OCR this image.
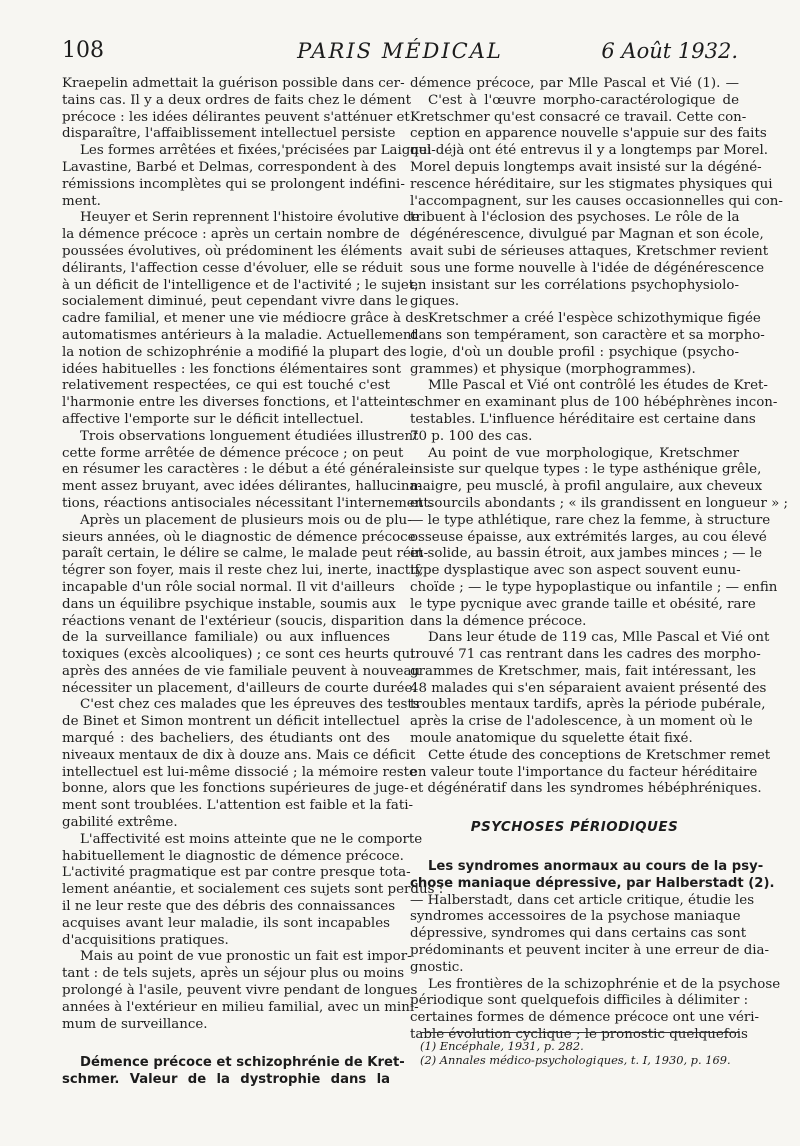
108	PARIS MÉDICAL	6 Août 1932.
Kraepelin admettait la guérison possible dans cer-
tains cas. Il y a deux ordres de faits chez le dément
précoce : les idées délirantes peuvent s'atténuer et
disparaître, l'affaiblissement intellectuel persiste
Les formes arrêtées et fixées,'précisées par Laignel-
Lavastine, Barbé et Delmas, correspondent à des
rémissions incomplètes qui se prolongent indéfini-
ment.
Heuyer et Serin reprennent l'histoire évolutive de
la démence précoce : après un certain nombre de
poussées évolutives, où prédominent les éléments
délirants, l'affection cesse d'évoluer, elle se réduit
à un déficit de l'intelligence et de l'activité ; le sujet,
socialement diminué, peut cependant vivre dans le
cadre familial, et mener une vie médiocre grâce à des
automatismes antérieurs à la maladie. Actuellement
la notion de schizophrénie a modifié la plupart des
idées habituelles : les fonctions élémentaires sont
relativement respectées, ce qui est touché c'est
l'harmonie entre les diverses fonctions, et l'atteinte
affective l'emporte sur le déficit intellectuel.
Trois observations longuement étudiées illustrent
cette forme arrêtée de démence précoce ; on peut
en résumer les caractères : le début a été générale-
ment assez bruyant, avec idées délirantes, hallucina-
tions, réactions antisociales nécessitant l'internement.
Après un placement de plusieurs mois ou de plu-
sieurs années, où le diagnostic de démence précoce
paraît certain, le délire se calme, le malade peut réin-
tégrer son foyer, mais il reste chez lui, inerte, inactif,
incapable d'un rôle social normal. Il vit d'ailleurs
dans un équilibre psychique instable, soumis aux
réactions venant de l'extérieur (soucis, disparition
de la surveillance familiale) ou aux influences
toxiques (excès alcooliques) ; ce sont ces heurts qui
après des années de vie familiale peuvent à nouveau
nécessiter un placement, d'ailleurs de courte durée.
C'est chez ces malades que les épreuves des tests
de Binet et Simon montrent un déficit intellectuel
marqué : des bacheliers, des étudiants ont des
niveaux mentaux de dix à douze ans. Mais ce déficit
intellectuel est lui-même dissocié ; la mémoire reste
bonne, alors que les fonctions supérieures de juge-
ment sont troublées. L'attention est faible et la fati-
gabilité extrême.
L'affectivité est moins atteinte que ne le comporte
habituellement le diagnostic de démence précoce.
L'activité pragmatique est par contre presque tota-
lement anéantie, et socialement ces sujets sont perdus :
il ne leur reste que des débris des connaissances
acquises avant leur maladie, ils sont incapables
d'acquisitions pratiques.
Mais au point de vue pronostic un fait est impor-
tant : de tels sujets, après un séjour plus ou moins
prolongé à l'asile, peuvent vivre pendant de longues
années à l'extérieur en milieu familial, avec un mini-
mum de surveillance.
Démence précoce et schizophrénie de Kret-
schmer. Valeur de la dystrophie dans la
démence précoce, par Mlle Pascal et Vié (1). —
C'est à l'œuvre morpho-caractérologique de
Kretschmer qu'est consacré ce travail. Cette con-
ception en apparence nouvelle s'appuie sur des faits
qui déjà ont été entrevus il y a longtemps par Morel.
Morel depuis longtemps avait insisté sur la dégéné-
rescence héréditaire, sur les stigmates physiques qui
l'accompagnent, sur les causes occasionnelles qui con-
tribuent à l'éclosion des psychoses. Le rôle de la
dégénérescence, divulgué par Magnan et son école,
avait subi de sérieuses attaques, Kretschmer revient
sous une forme nouvelle à l'idée de dégénérescence
en insistant sur les corrélations psychophysiolo-
giques.
Kretschmer a créé l'espèce schizothymique figée
dans son tempérament, son caractère et sa morpho-
logie, d'où un double profil : psychique (psycho-
grammes) et physique (morphogrammes).
Mlle Pascal et Vié ont contrôlé les études de Kret-
schmer en examinant plus de 100 hébéphrènes incon-
testables. L'influence héréditaire est certaine dans
70 p. 100 des cas.
Au point de vue morphologique, Kretschmer
insiste sur quelque types : le type asthénique grêle,
maigre, peu musclé, à profil angulaire, aux cheveux
et sourcils abondants ; « ils grandissent en longueur » ;
— le type athlétique, rare chez la femme, à structure
osseuse épaisse, aux extrémités larges, au cou élevé
et solide, au bassin étroit, aux jambes minces ; — le
type dysplastique avec son aspect souvent eunu-
choïde ; — le type hypoplastique ou infantile ; — enfin
le type pycnique avec grande taille et obésité, rare
dans la démence précoce.
Dans leur étude de 119 cas, Mlle Pascal et Vié ont
trouvé 71 cas rentrant dans les cadres des morpho-
grammes de Kretschmer, mais, fait intéressant, les
48 malades qui s'en séparaient avaient présenté des
troubles mentaux tardifs, après la période pubérale,
après la crise de l'adolescence, à un moment où le
moule anatomique du squelette était fixé.
Cette étude des conceptions de Kretschmer remet
en valeur toute l'importance du facteur héréditaire
et dégénératif dans les syndromes hébéphréniques.
PSYCHOSES PÉRIODIQUES
Les syndromes anormaux au cours de la psy-
chose maniaque dépressive, par Halberstadt (2).
— Halberstadt, dans cet article critique, étudie les
syndromes accessoires de la psychose maniaque
dépressive, syndromes qui dans certains cas sont
prédominants et peuvent inciter à une erreur de dia-
gnostic.
Les frontières de la schizophrénie et de la psychose
périodique sont quelquefois difficiles à délimiter :
certaines formes de démence précoce ont une véri-
table évolution cyclique ; le pronostic quelquefois
(1) Encéphale, 1931, p. 282.
(2) Annales médico-psychologiques, t. I, 1930, p. 169.
